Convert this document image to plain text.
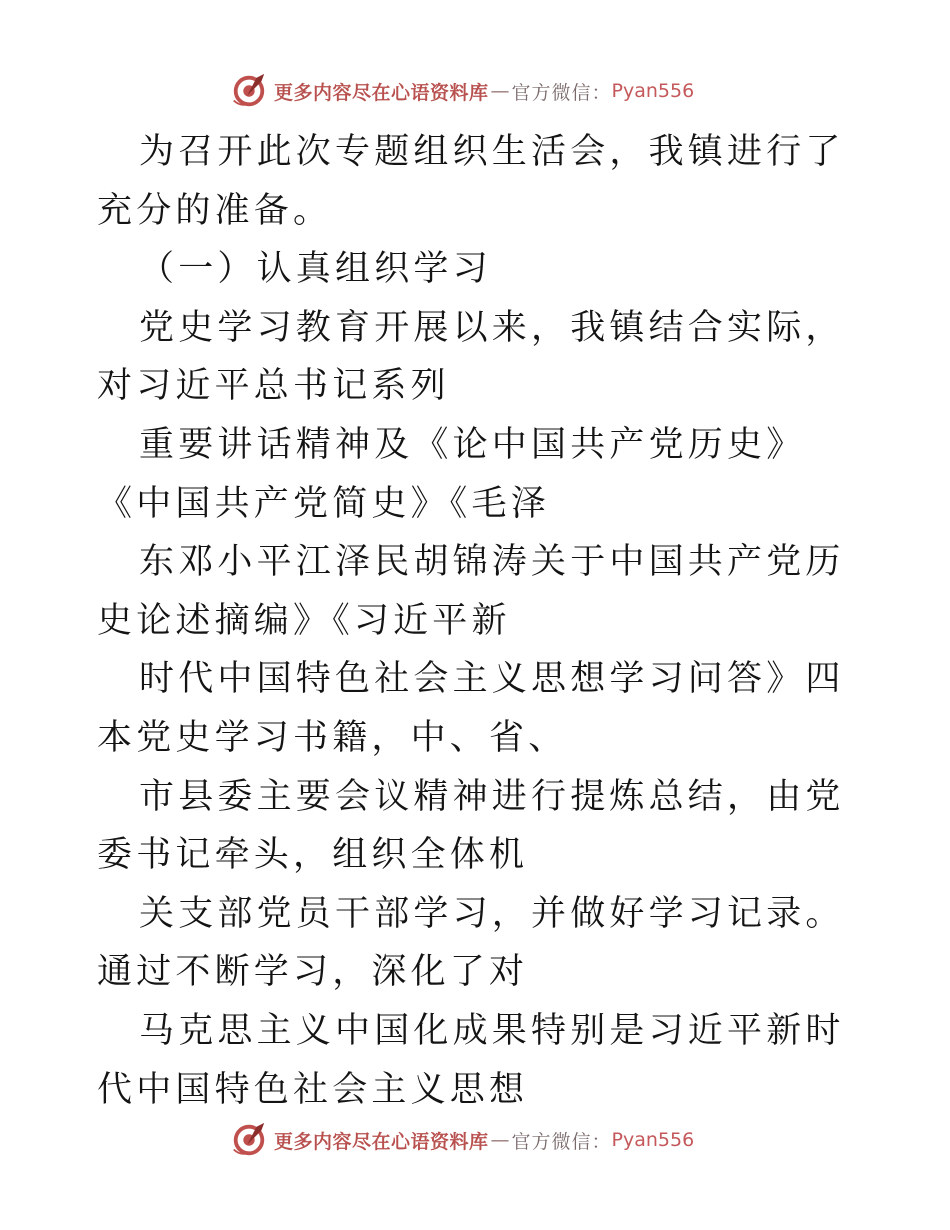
更多内容尽在心语资料库 — 官方微信： Pyan556

为召开此次专题组织生活会，我镇进行了充分的准备。

（一）认真组织学习

党史学习教育开展以来，我镇结合实际，对习近平总书记系列

重要讲话精神及《论中国共产党历史》《中国共产党简史》《毛泽

东邓小平江泽民胡锦涛关于中国共产党历史论述摘编》《习近平新

时代中国特色社会主义思想学习问答》四本党史学习书籍，中、省、

市县委主要会议精神进行提炼总结，由党委书记牵头，组织全体机

关支部党员干部学习，并做好学习记录。通过不断学习，深化了对

马克思主义中国化成果特别是习近平新时代中国特色社会主义思想

更多内容尽在心语资料库 — 官方微信： Pyan556
